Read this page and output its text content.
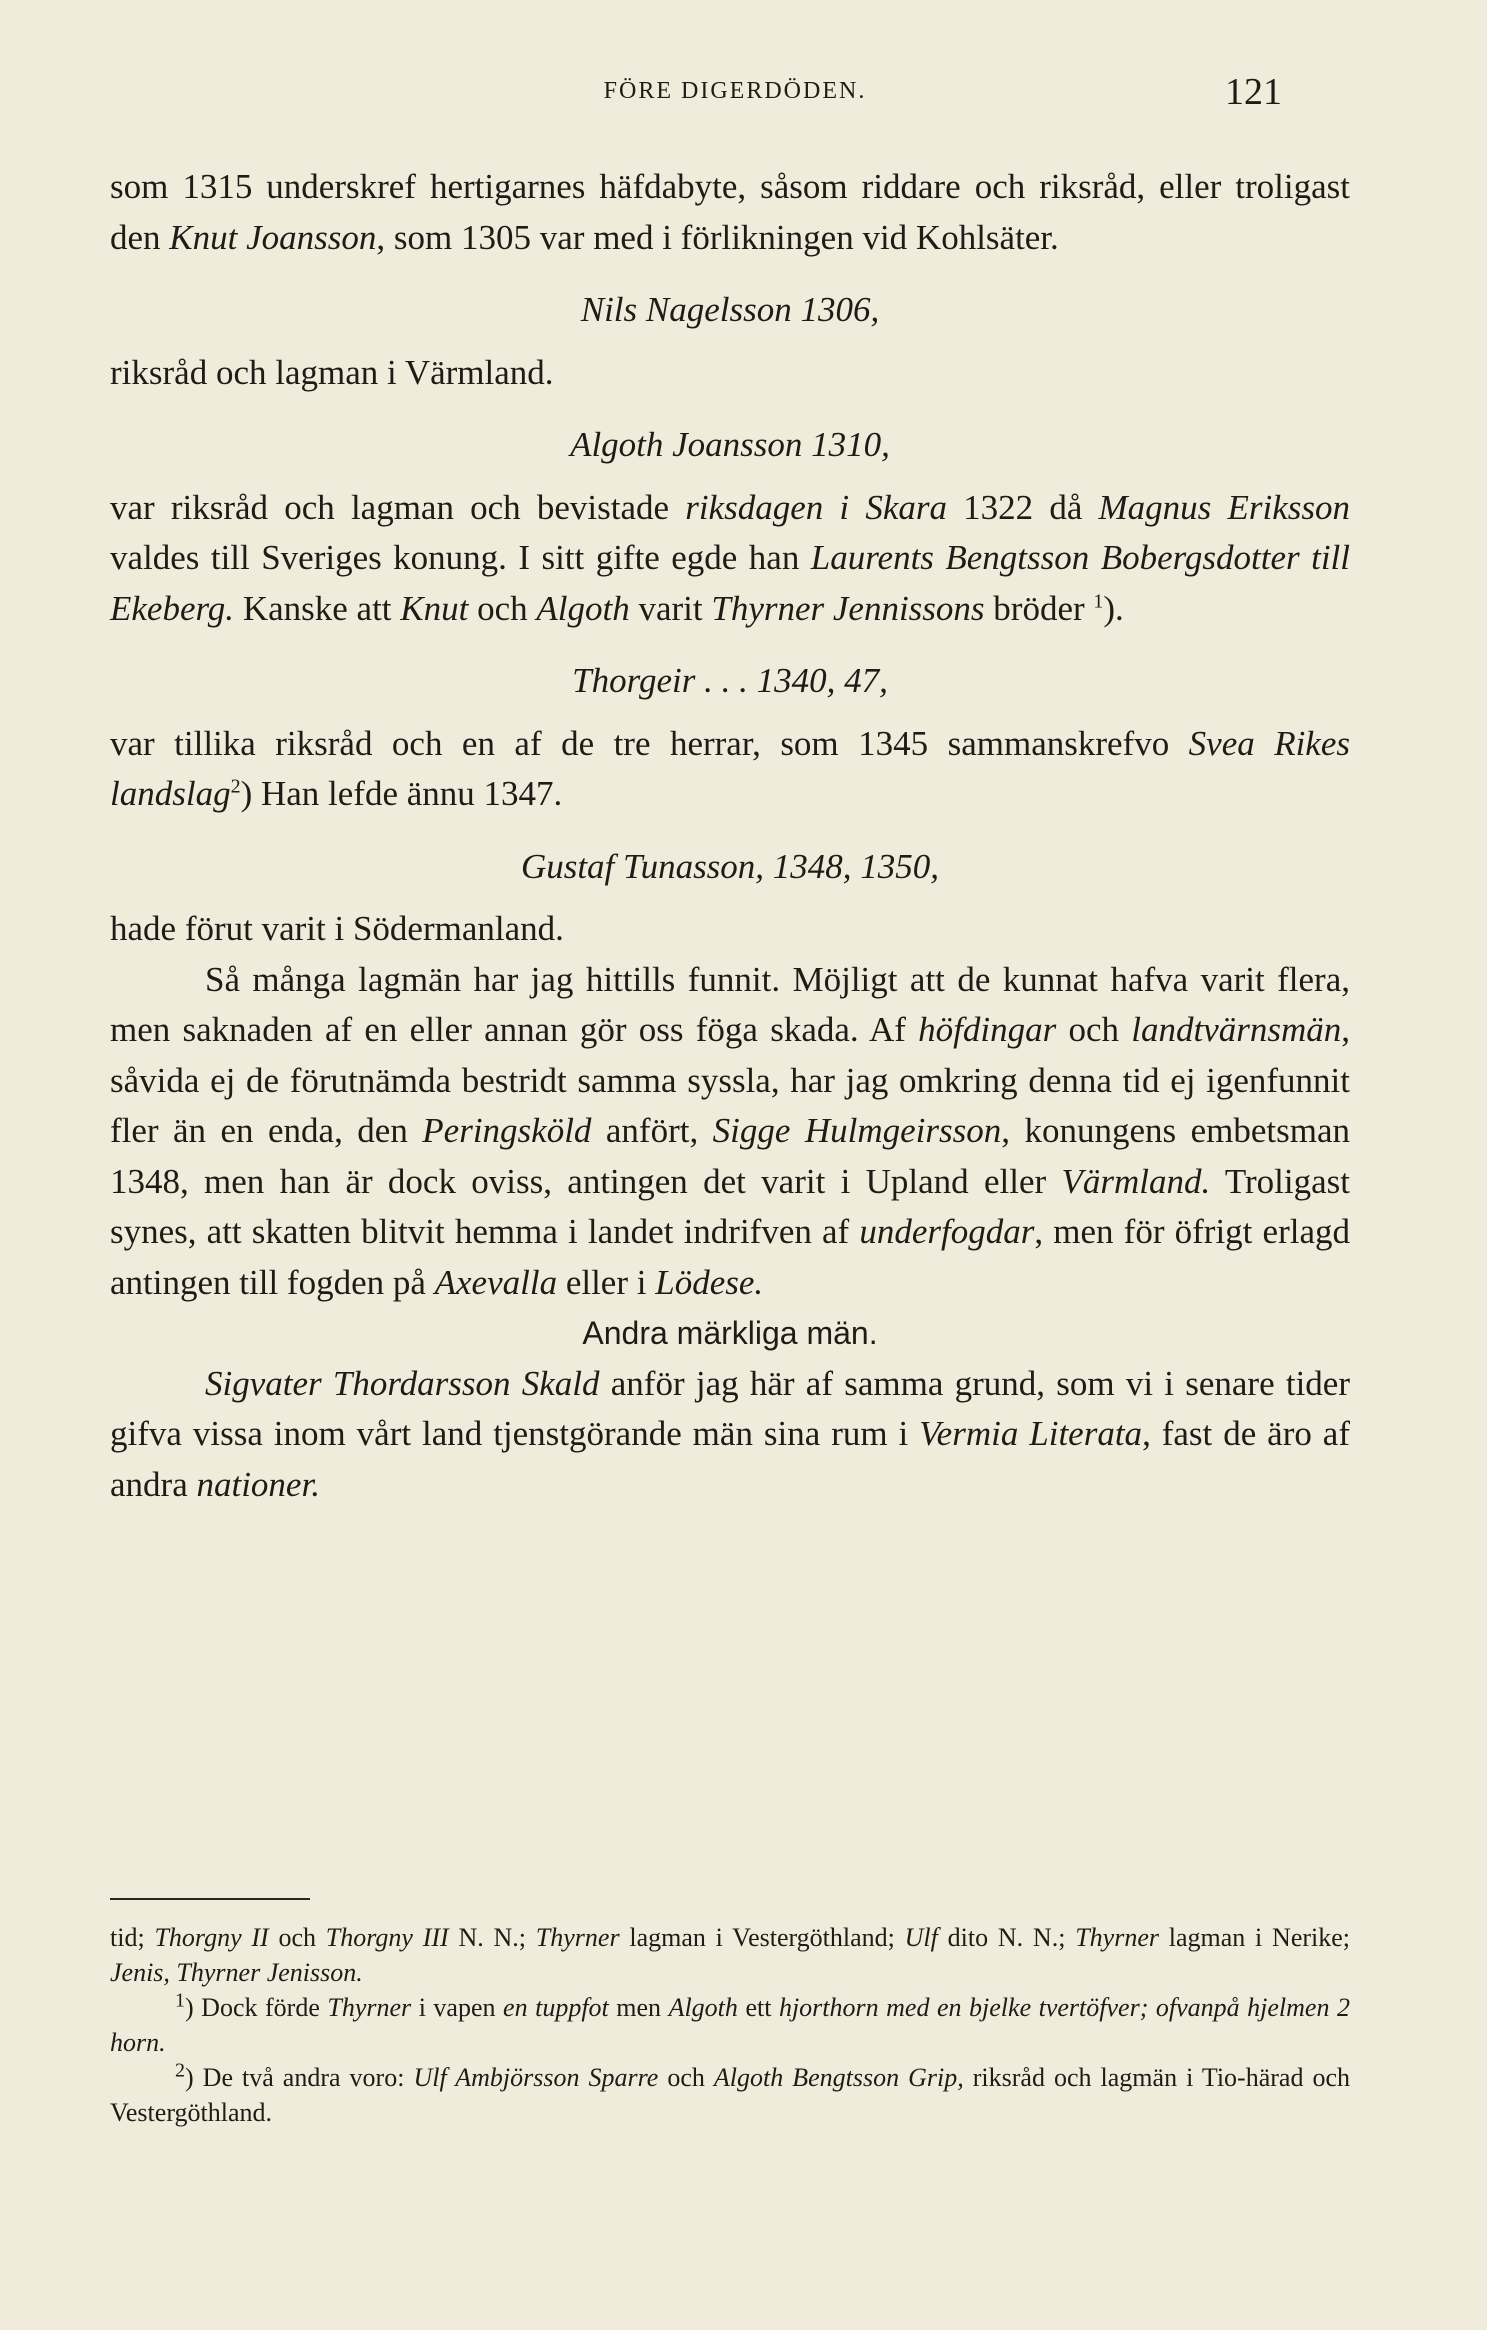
FÖRE DIGERDÖDEN.	121

som 1315 underskref hertigarnes häfdabyte, såsom riddare och riksråd, eller troligast den Knut Joansson, som 1305 var med i förlikningen vid Kohlsäter.

Nils Nagelsson 1306,

riksråd och lagman i Värmland.

Algoth Joansson 1310,

var riksråd och lagman och bevistade riksdagen i Skara 1322 då Magnus Eriksson valdes till Sveriges konung. I sitt gifte egde han Laurents Bengtsson Bobergsdotter till Ekeberg. Kanske att Knut och Algoth varit Thyrner Jennissons bröder $^1$).

Thorgeir . . . 1340, 47,

var tillika riksråd och en af de tre herrar, som 1345 sammanskrefvo Svea Rikes landslag$^2$) Han lefde ännu 1347.

Gustaf Tunasson, 1348, 1350,

hade förut varit i Södermanland.

Så många lagmän har jag hittills funnit. Möjligt att de kunnat hafva varit flera, men saknaden af en eller annan gör oss föga skada. Af höfdingar och landtvärnsmän, såvida ej de förutnämda bestridt samma syssla, har jag omkring denna tid ej igenfunnit fler än en enda, den Peringsköld anfört, Sigge Hulmgeirsson, konungens embetsman 1348, men han är dock oviss, antingen det varit i Upland eller Värmland. Troligast synes, att skatten blitvit hemma i landet indrifven af underfogdar, men för öfrigt erlagd antingen till fogden på Axevalla eller i Lödese.

Andra märkliga män.

Sigvater Thordarsson Skald anför jag här af samma grund, som vi i senare tider gifva vissa inom vårt land tjenstgörande män sina rum i Vermia Literata, fast de äro af andra nationer.

tid; Thorgny II och Thorgny III N. N.; Thyrner lagman i Vestergöthland; Ulf dito N. N.; Thyrner lagman i Nerike; Jenis, Thyrner Jenisson.

$^1$) Dock förde Thyrner i vapen en tuppfot men Algoth ett hjorthorn med en bjelke tvertöfver; ofvanpå hjelmen 2 horn.

$^2$) De två andra voro: Ulf Ambjörsson Sparre och Algoth Bengtsson Grip, riksråd och lagmän i Tio-härad och Vestergöthland.
